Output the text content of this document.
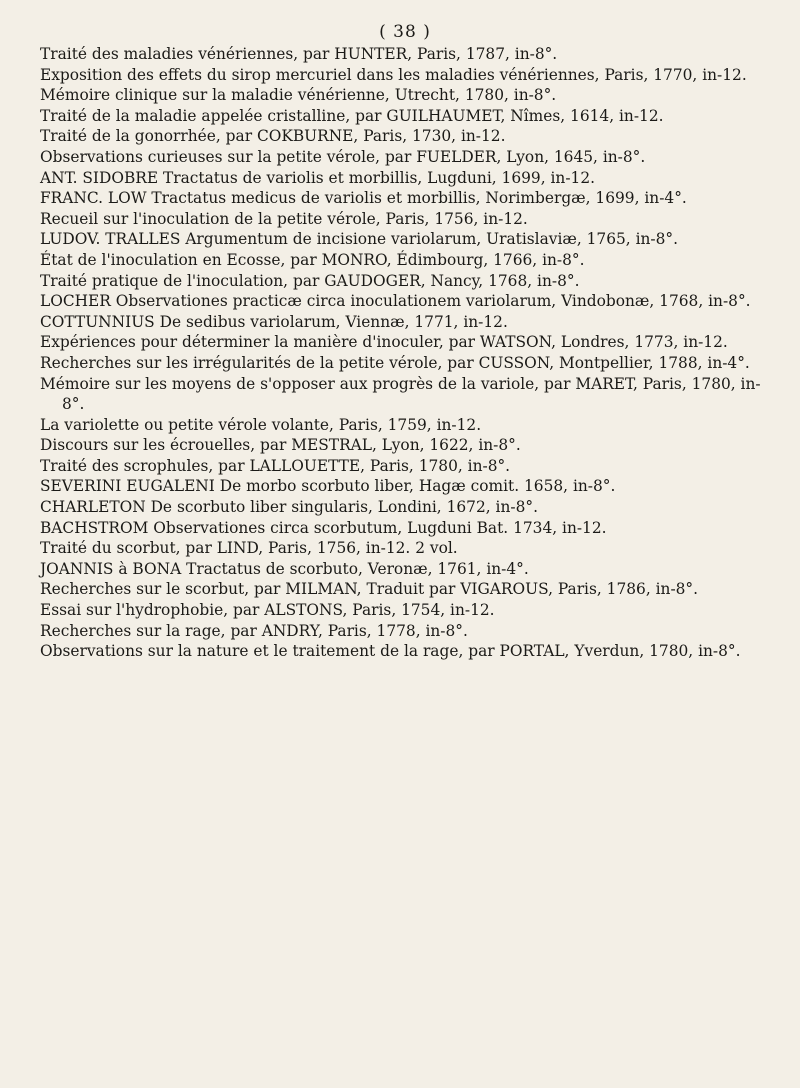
( 38 )
Traité des maladies vénériennes, par HUNTER, Paris, 1787, in-8°.
Exposition des effets du sirop mercuriel dans les maladies vénériennes, Paris, 1770, in-12.
Mémoire clinique sur la maladie vénérienne, Utrecht, 1780, in-8°.
Traité de la maladie appelée cristalline, par GUILHAUMET, Nîmes, 1614, in-12.
Traité de la gonorrhée, par COKBURNE, Paris, 1730, in-12.
Observations curieuses sur la petite vérole, par FUELDER, Lyon, 1645, in-8°.
ANT. SIDOBRE Tractatus de variolis et morbillis, Lugduni, 1699, in-12.
FRANC. LOW Tractatus medicus de variolis et morbillis, Norimbergæ, 1699, in-4°.
Recueil sur l'inoculation de la petite vérole, Paris, 1756, in-12.
LUDOV. TRALLES Argumentum de incisione variolarum, Uratislaviæ, 1765, in-8°.
État de l'inoculation en Ecosse, par MONRO, Édimbourg, 1766, in-8°.
Traité pratique de l'inoculation, par GAUDOGER, Nancy, 1768, in-8°.
LOCHER Observationes practicæ circa inoculationem variolarum, Vindobonæ, 1768, in-8°.
COTTUNNIUS De sedibus variolarum, Viennæ, 1771, in-12.
Expériences pour déterminer la manière d'inoculer, par WATSON, Londres, 1773, in-12.
Recherches sur les irrégularités de la petite vérole, par CUSSON, Montpellier, 1788, in-4°.
Mémoire sur les moyens de s'opposer aux progrès de la variole, par MARET, Paris, 1780, in-8°.
La variolette ou petite vérole volante, Paris, 1759, in-12.
Discours sur les écrouelles, par MESTRAL, Lyon, 1622, in-8°.
Traité des scrophules, par LALLOUETTE, Paris, 1780, in-8°.
SEVERINI EUGALENI De morbo scorbuto liber, Hagæ comit. 1658, in-8°.
CHARLETON De scorbuto liber singularis, Londini, 1672, in-8°.
BACHSTROM Observationes circa scorbutum, Lugduni Bat. 1734, in-12.
Traité du scorbut, par LIND, Paris, 1756, in-12. 2 vol.
JOANNIS à BONA Tractatus de scorbuto, Veronæ, 1761, in-4°.
Recherches sur le scorbut, par MILMAN, Traduit par VIGAROUS, Paris, 1786, in-8°.
Essai sur l'hydrophobie, par ALSTONS, Paris, 1754, in-12.
Recherches sur la rage, par ANDRY, Paris, 1778, in-8°.
Observations sur la nature et le traitement de la rage, par PORTAL, Yverdun, 1780, in-8°.
